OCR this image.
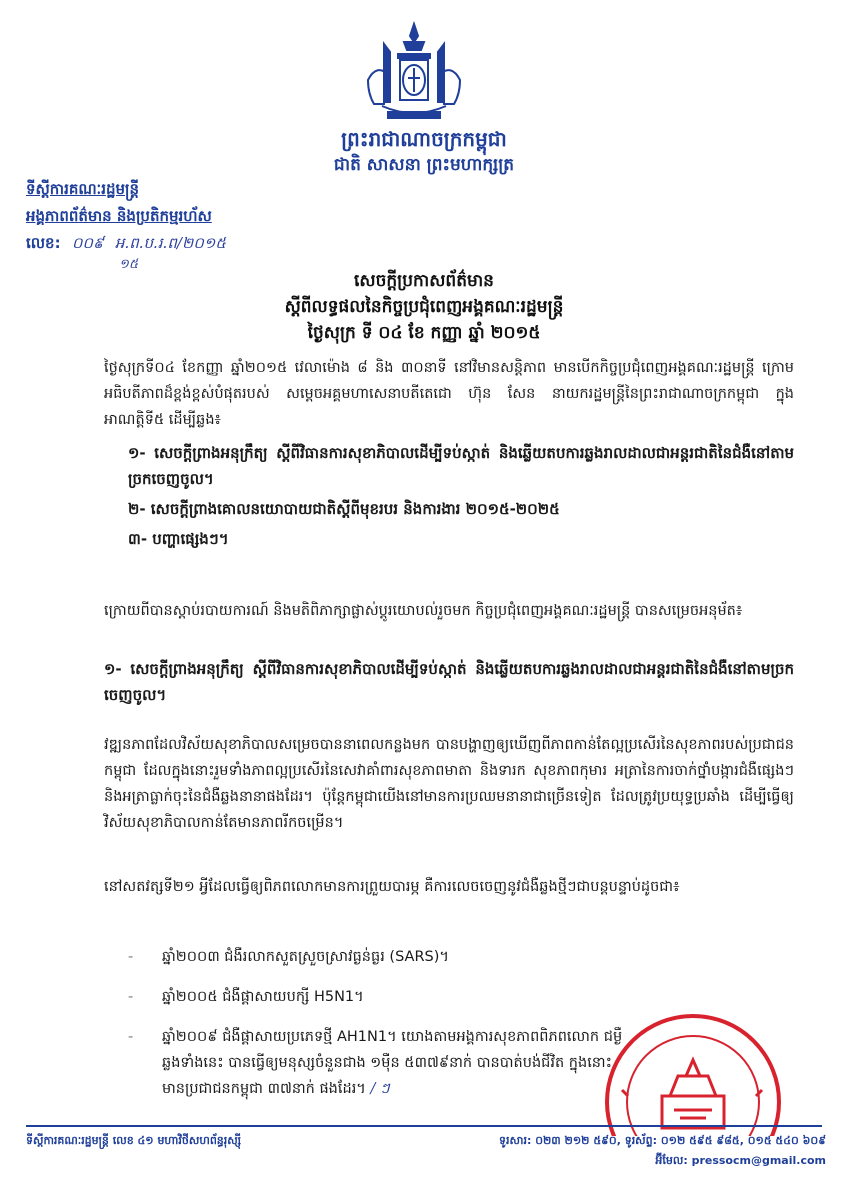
ព្រះរាជាណាចក្រកម្ពុជា
ជាតិ សាសនា ព្រះមហាក្សត្រ
ទីស្តីការគណៈរដ្ឋមន្ត្រី
អង្គភាពព័ត៌មាន និងប្រតិកម្មរហ័ស
លេខ: ០០៩ អ.ព.ប.រ.ព/២០១៥
១៥
សេចក្តីប្រកាសព័ត៌មាន
ស្តីពីលទ្ធផលនៃកិច្ចប្រជុំពេញអង្គគណៈរដ្ឋមន្ត្រី
ថ្ងៃសុក្រ ទី ០៤ ខែ កញ្ញា ឆ្នាំ ២០១៥
ថ្ងៃសុក្រទី០៤ ខែកញ្ញា ឆ្នាំ២០១៥ វេលាម៉ោង ៨ និង ៣០នាទី នៅវិមានសន្តិភាព មានបើកកិច្ចប្រជុំពេញអង្គគណៈរដ្ឋមន្ត្រី ក្រោមអធិបតីភាពដ៏ខ្ពង់ខ្ពស់បំផុតរបស់ សម្តេចអគ្គមហាសេនាបតីតេជោ ហ៊ុន សែន នាយករដ្ឋមន្ត្រីនៃព្រះរាជាណាចក្រកម្ពុជា ក្នុងអាណត្តិទី៥ ដើម្បីឆ្លង៖
១- សេចក្តីព្រាងអនុក្រឹត្យ ស្តីពីវិធានការសុខាភិបាលដើម្បីទប់ស្កាត់ និងឆ្លើយតបការឆ្លងរាលដាលជាអន្តរជាតិនៃជំងឺនៅតាមច្រកចេញចូល។
២- សេចក្តីព្រាងគោលនយោបាយជាតិស្តីពីមុខរបរ និងការងារ ២០១៥-២០២៥
៣- បញ្ហាផ្សេងៗ។
ក្រោយពីបានស្តាប់របាយការណ៍ និងមតិពិភាក្សាផ្លាស់ប្តូរយោបល់រួចមក កិច្ចប្រជុំពេញអង្គគណៈរដ្ឋមន្ត្រី បានសម្រេចអនុម័ត៖
១- សេចក្តីព្រាងអនុក្រឹត្យ ស្តីពីវិធានការសុខាភិបាលដើម្បីទប់ស្កាត់ និងឆ្លើយតបការឆ្លងរាលដាលជាអន្តរជាតិនៃជំងឺនៅតាមច្រកចេញចូល។
វឌ្ឍនភាពដែលវិស័យសុខាភិបាលសម្រេចបាននាពេលកន្លងមក បានបង្ហាញឲ្យឃើញពីភាពកាន់តែល្អប្រសើរនៃសុខភាពរបស់ប្រជាជនកម្ពុជា ដែលក្នុងនោះរួមទាំងភាពល្អប្រសើរនៃសេវាគាំពារសុខភាពមាតា និងទារក សុខភាពកុមារ អត្រានៃការចាក់ថ្នាំបង្ការជំងឺផ្សេងៗ និងអត្រាធ្លាក់ចុះនៃជំងឺឆ្លងនានាផងដែរ។ ប៉ុន្តែកម្ពុជាយើងនៅមានការប្រឈមនានាជាច្រើនទៀត ដែលត្រូវប្រយុទ្ធប្រឆាំង ដើម្បីធ្វើឲ្យវិស័យសុខាភិបាលកាន់តែមានភាពរីកចម្រើន។
នៅសតវត្សទី២១ អ្វីដែលធ្វើឲ្យពិភពលោកមានការព្រួយបារម្ភ គឺការលេចចេញនូវជំងឺឆ្លងថ្មីៗជាបន្តបន្ទាប់ដូចជា៖
- ឆ្នាំ២០០៣ ជំងឺរលាកសួតស្រួចស្រាវធ្ងន់ធ្ងរ (SARS)។
- ឆ្នាំ២០០៥ ជំងឺផ្តាសាយបក្សី H5N1។
- ឆ្នាំ២០០៩ ជំងឺផ្តាសាយប្រភេទថ្មី AH1N1។ យោងតាមអង្គការសុខភាពពិភពលោក ជម្ងឺឆ្លងទាំងនេះ បានធ្វើឲ្យមនុស្សចំនួនជាង ១ម៉ឺន ៥៣៧៩នាក់ បានបាត់បង់ជីវិត ក្នុងនោះមានប្រជាជនកម្ពុជា ៣៧នាក់ ផងដែរ។ / ៗ
ទីស្តីការគណៈរដ្ឋមន្ត្រី លេខ ៤១ មហាវិថីសហព័ន្ធរុស្ស៊ី	ទូរសារ: ០២៣ ២១២ ៥៩០, ទូរស័ព្ទ: ០១២ ៥៩៥ ៩៨៥, ០១៥ ៥៤០ ៦០៩
អ៊ីមែល: pressocm@gmail.com
